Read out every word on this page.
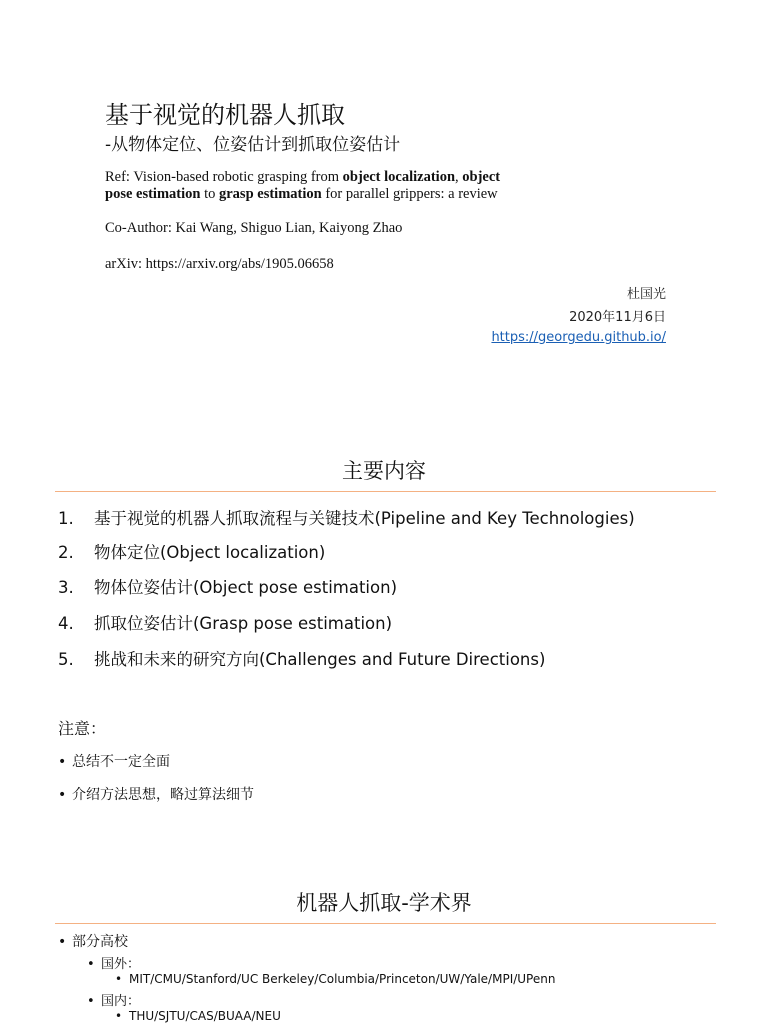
基于视觉的机器人抓取
-从物体定位、位姿估计到抓取位姿估计
Ref: Vision-based robotic grasping from object localization, object
pose estimation to grasp estimation for parallel grippers: a review
Co-Author: Kai Wang, Shiguo Lian, Kaiyong Zhao
arXiv: https://arxiv.org/abs/1905.06658
杜国光
2020年11月6日
https://georgedu.github.io/
主要内容
1. 基于视觉的机器人抓取流程与关键技术(Pipeline and Key Technologies)
2. 物体定位(Object localization)
3. 物体位姿估计(Object pose estimation)
4. 抓取位姿估计(Grasp pose estimation)
5. 挑战和未来的研究方向(Challenges and Future Directions)
注意：
• 总结不一定全面
• 介绍方法思想，略过算法细节
机器人抓取-学术界
• 部分高校
• 国外：
• MIT/CMU/Stanford/UC Berkeley/Columbia/Princeton/UW/Yale/MPI/UPenn
• 国内：
• THU/SJTU/CAS/BUAA/NEU
